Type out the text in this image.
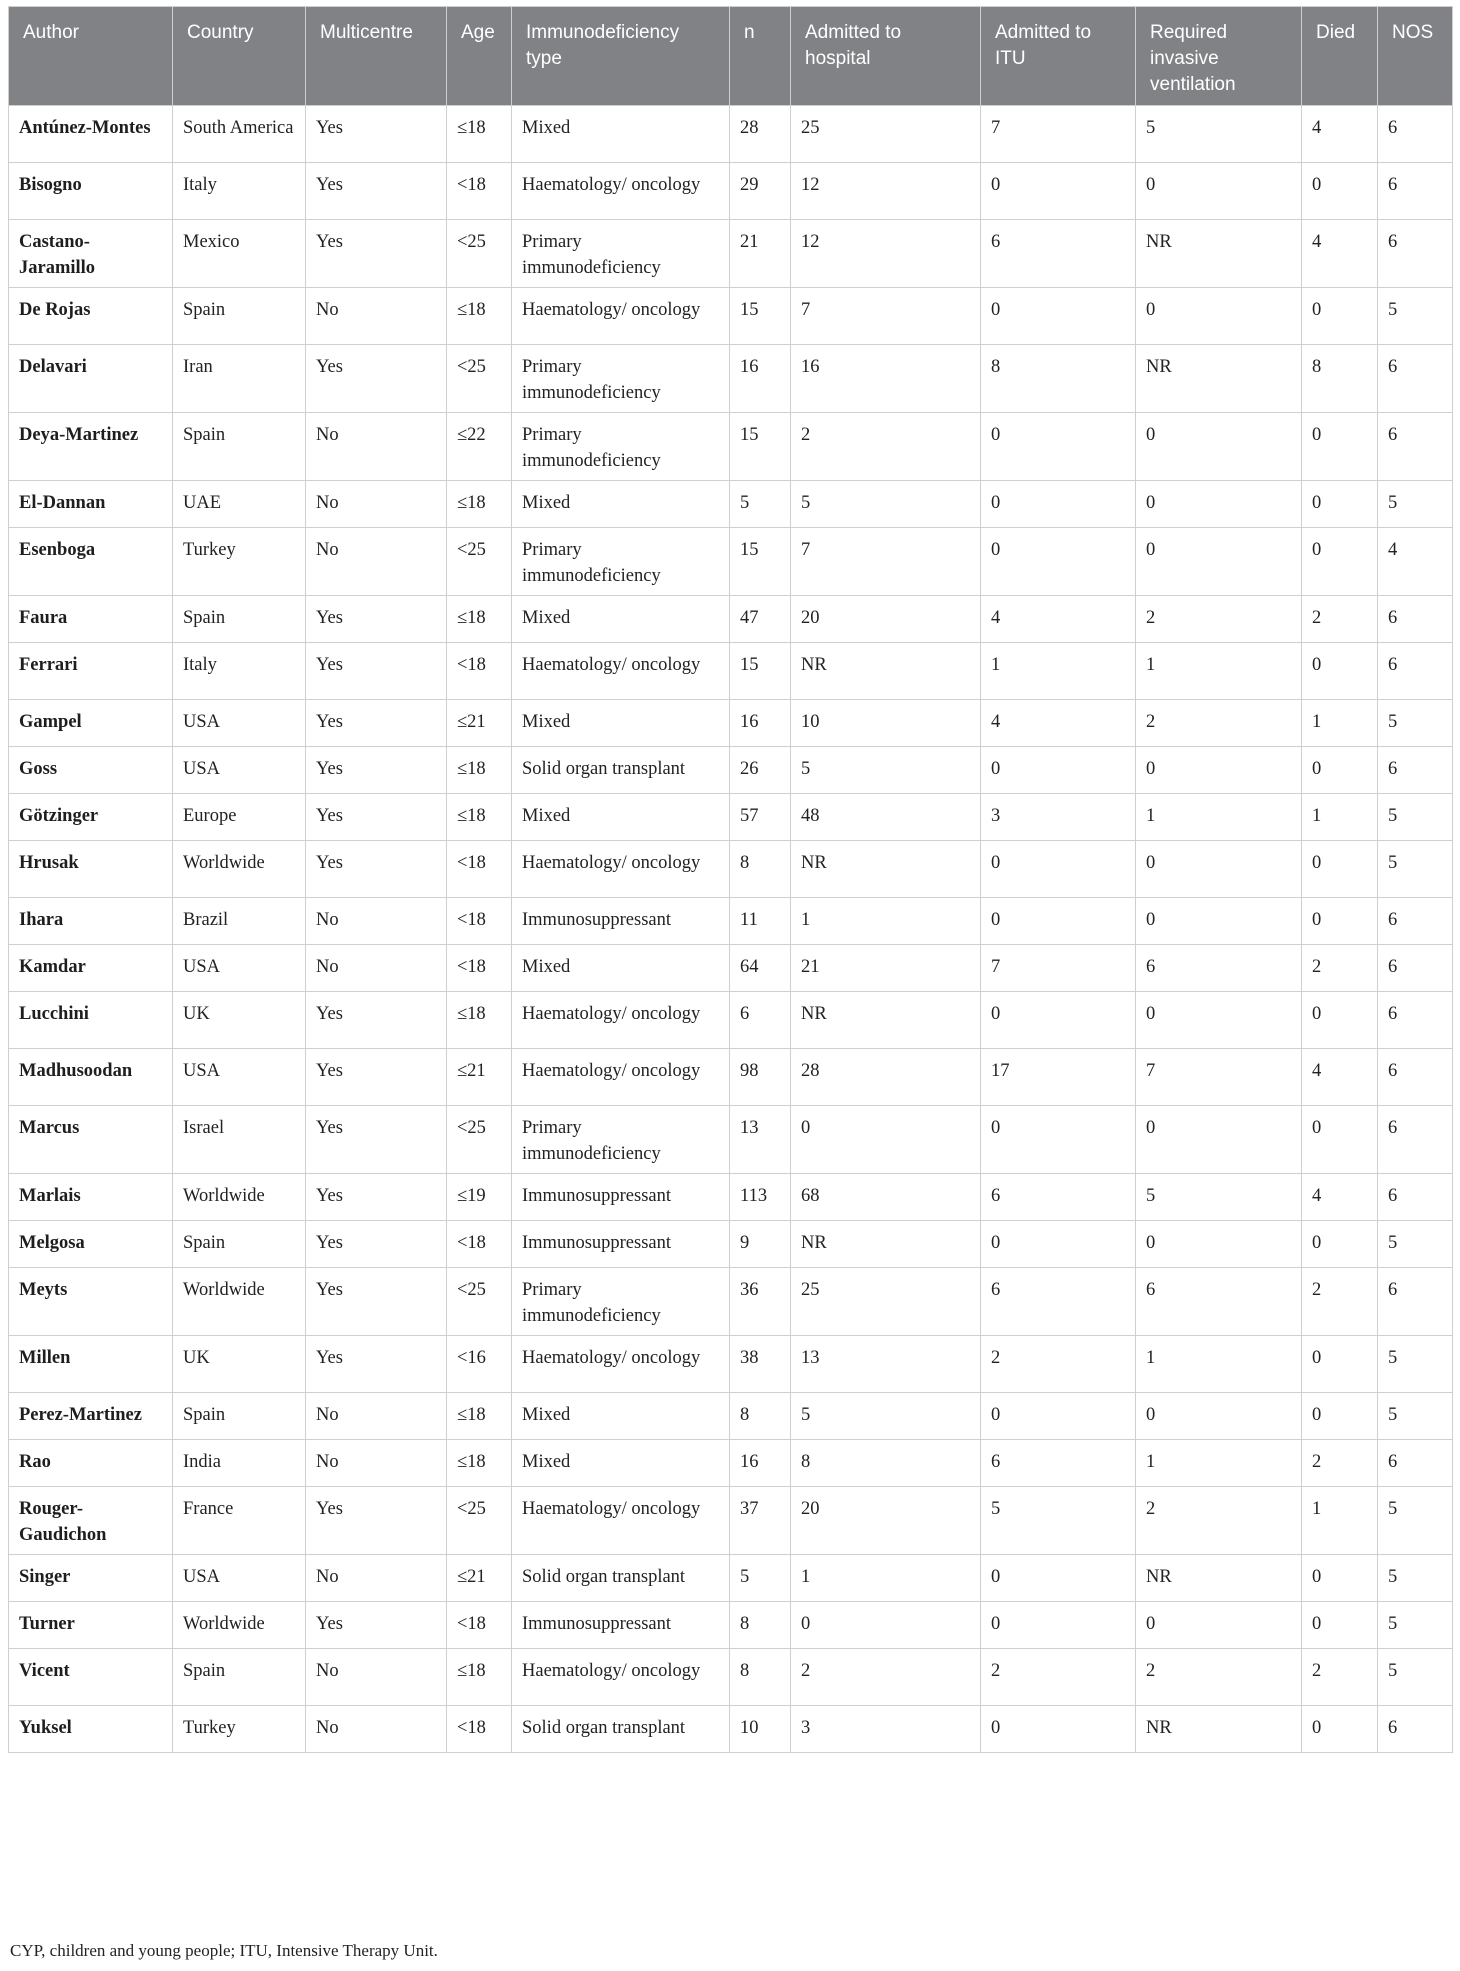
Author	Country	Multicentre	Age	Immunodeficiency type	n	Admitted to hospital	Admitted to ITU	Required invasive ventilation	Died	NOS
Antúnez-Montes	South America	Yes	≤18	Mixed	28	25	7	5	4	6
Bisogno	Italy	Yes	<18	Haematology/ oncology	29	12	0	0	0	6
Castano-Jaramillo	Mexico	Yes	<25	Primary immunodeficiency	21	12	6	NR	4	6
De Rojas	Spain	No	≤18	Haematology/ oncology	15	7	0	0	0	5
Delavari	Iran	Yes	<25	Primary immunodeficiency	16	16	8	NR	8	6
Deya-Martinez	Spain	No	≤22	Primary immunodeficiency	15	2	0	0	0	6
El-Dannan	UAE	No	≤18	Mixed	5	5	0	0	0	5
Esenboga	Turkey	No	<25	Primary immunodeficiency	15	7	0	0	0	4
Faura	Spain	Yes	≤18	Mixed	47	20	4	2	2	6
Ferrari	Italy	Yes	<18	Haematology/ oncology	15	NR	1	1	0	6
Gampel	USA	Yes	≤21	Mixed	16	10	4	2	1	5
Goss	USA	Yes	≤18	Solid organ transplant	26	5	0	0	0	6
Götzinger	Europe	Yes	≤18	Mixed	57	48	3	1	1	5
Hrusak	Worldwide	Yes	<18	Haematology/ oncology	8	NR	0	0	0	5
Ihara	Brazil	No	<18	Immunosuppressant	11	1	0	0	0	6
Kamdar	USA	No	<18	Mixed	64	21	7	6	2	6
Lucchini	UK	Yes	≤18	Haematology/ oncology	6	NR	0	0	0	6
Madhusoodan	USA	Yes	≤21	Haematology/ oncology	98	28	17	7	4	6
Marcus	Israel	Yes	<25	Primary immunodeficiency	13	0	0	0	0	6
Marlais	Worldwide	Yes	≤19	Immunosuppressant	113	68	6	5	4	6
Melgosa	Spain	Yes	<18	Immunosuppressant	9	NR	0	0	0	5
Meyts	Worldwide	Yes	<25	Primary immunodeficiency	36	25	6	6	2	6
Millen	UK	Yes	<16	Haematology/ oncology	38	13	2	1	0	5
Perez-Martinez	Spain	No	≤18	Mixed	8	5	0	0	0	5
Rao	India	No	≤18	Mixed	16	8	6	1	2	6
Rouger-Gaudichon	France	Yes	<25	Haematology/ oncology	37	20	5	2	1	5
Singer	USA	No	≤21	Solid organ transplant	5	1	0	NR	0	5
Turner	Worldwide	Yes	<18	Immunosuppressant	8	0	0	0	0	5
Vicent	Spain	No	≤18	Haematology/ oncology	8	2	2	2	2	5
Yuksel	Turkey	No	<18	Solid organ transplant	10	3	0	NR	0	6
CYP, children and young people; ITU, Intensive Therapy Unit.
